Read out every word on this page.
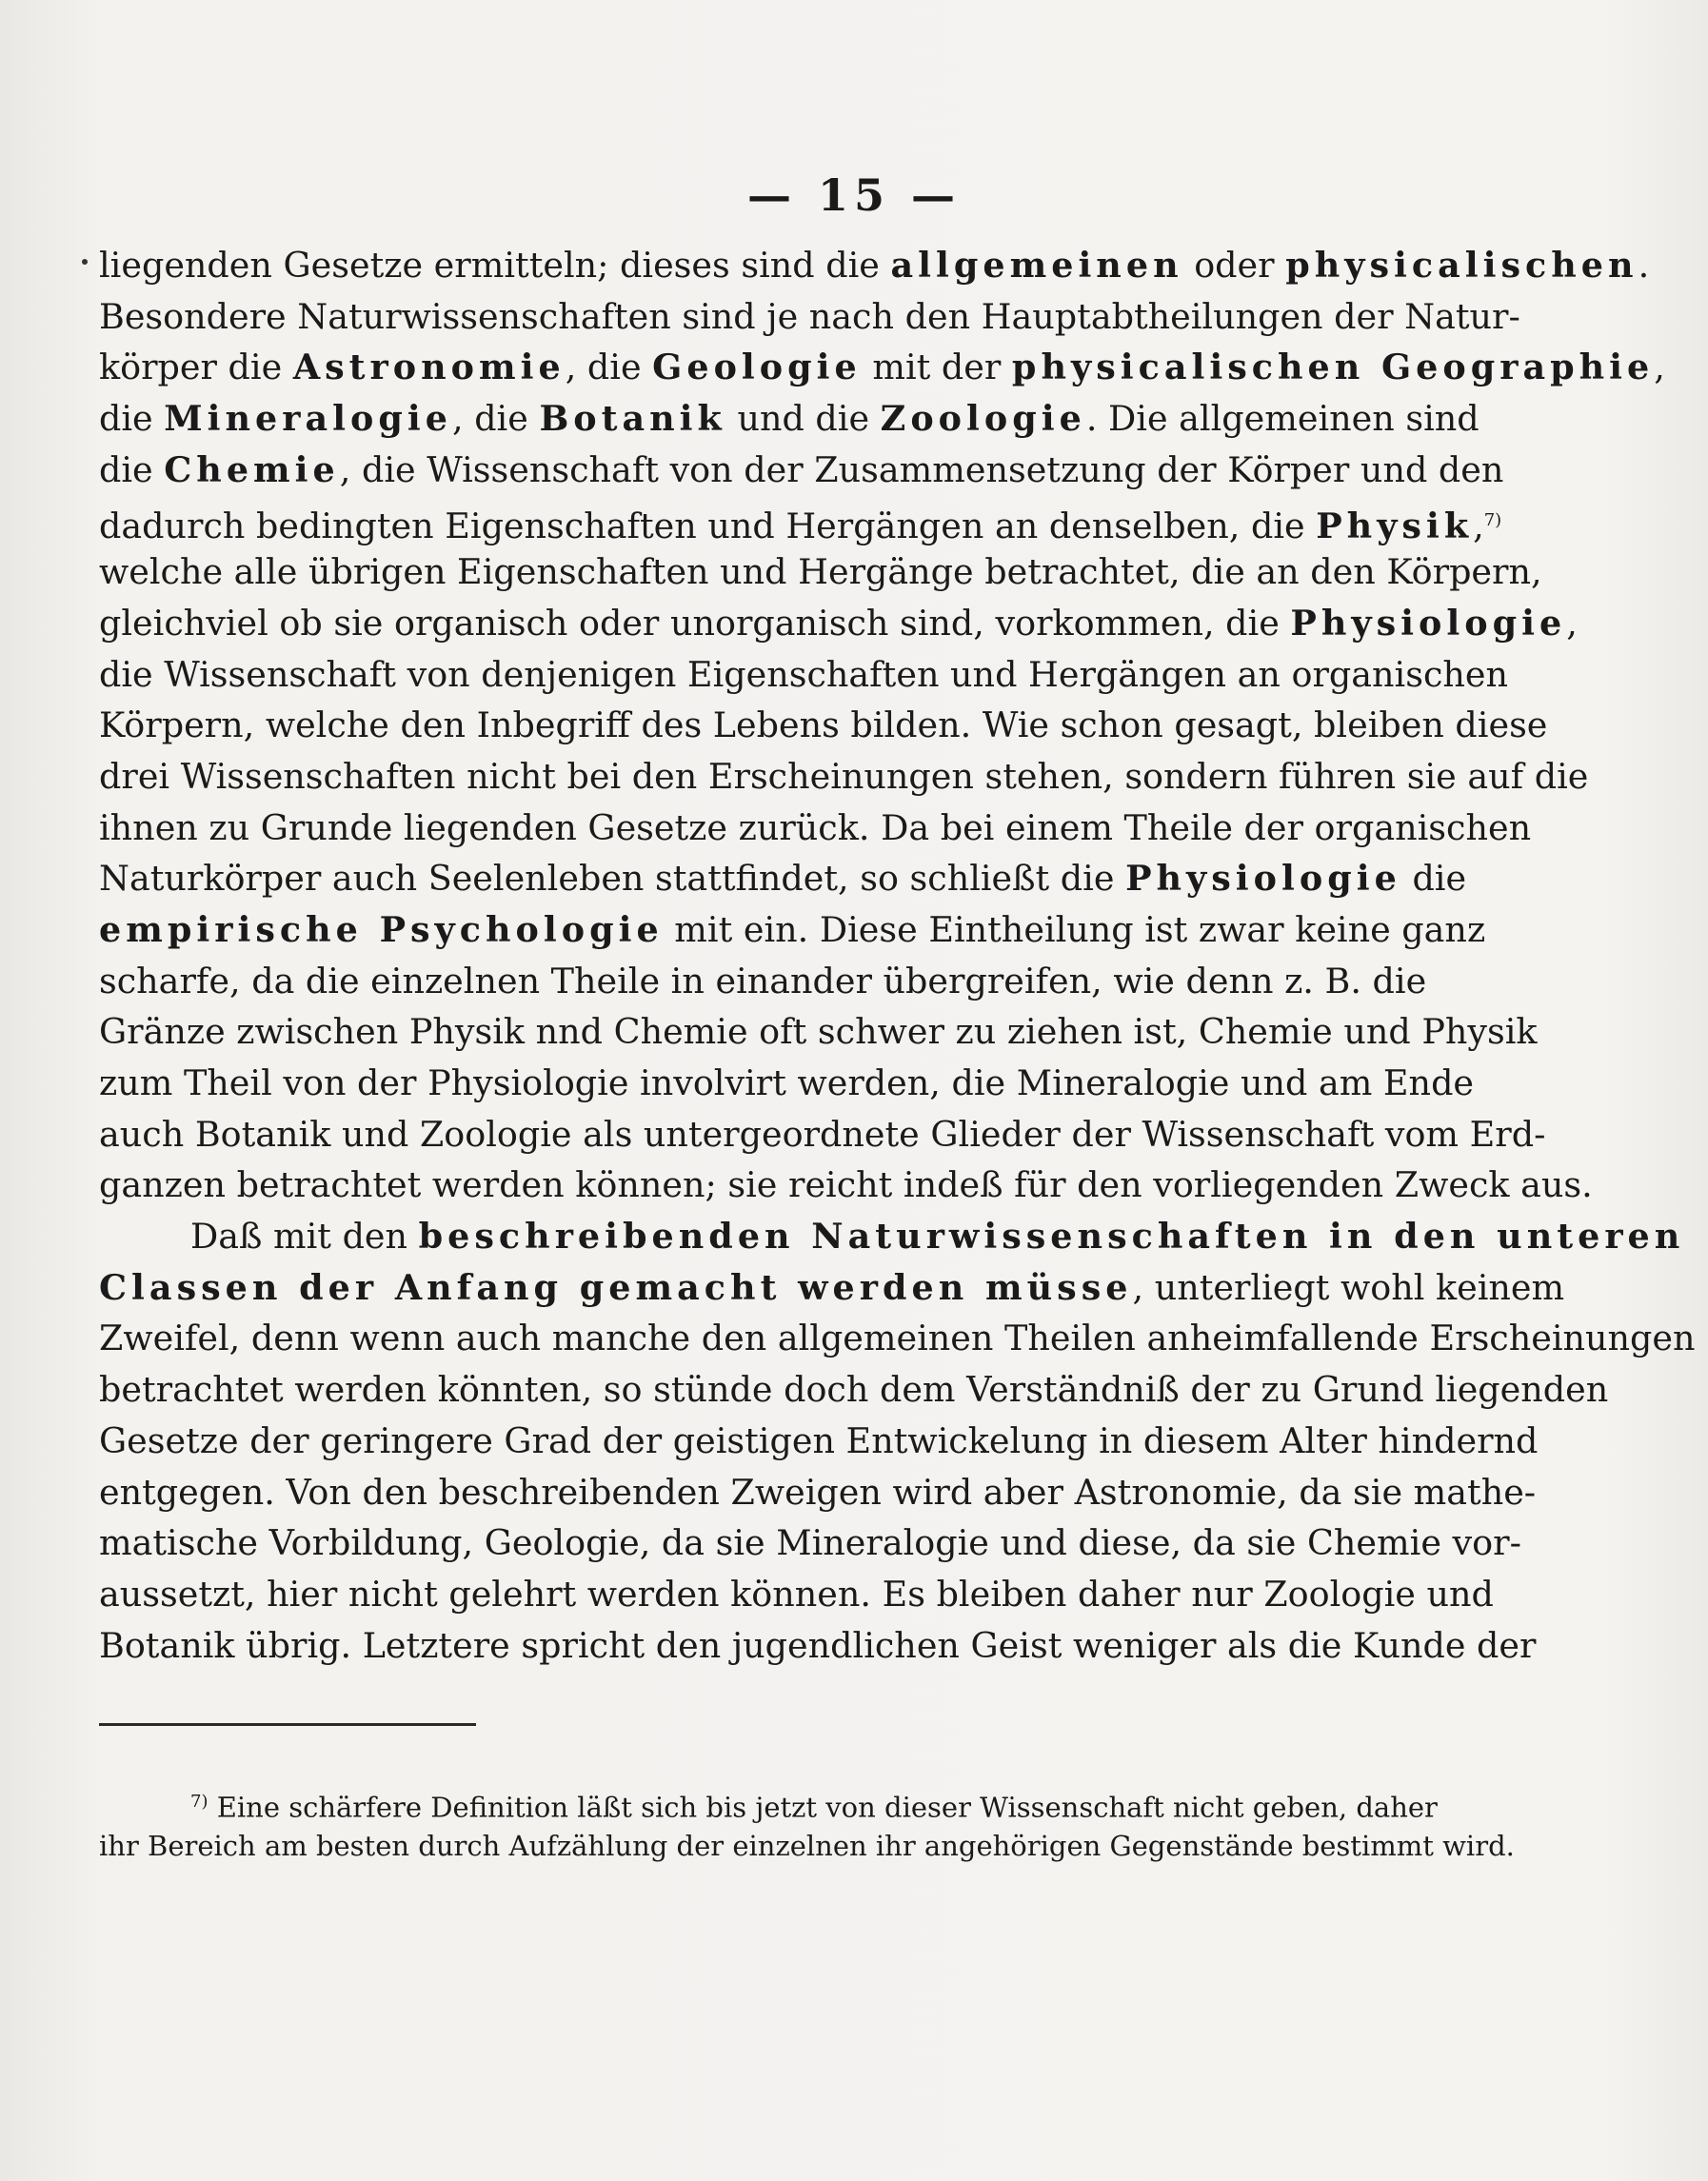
— 15 —
liegenden Gesetze ermitteln; dieses sind die allgemeinen oder physicalischen.
Besondere Naturwissenschaften sind je nach den Hauptabtheilungen der Natur-
körper die Astronomie, die Geologie mit der physicalischen Geographie,
die Mineralogie, die Botanik und die Zoologie. Die allgemeinen sind
die Chemie, die Wissenschaft von der Zusammensetzung der Körper und den
dadurch bedingten Eigenschaften und Hergängen an denselben, die Physik,$^{7)}$
welche alle übrigen Eigenschaften und Hergänge betrachtet, die an den Körpern,
gleichviel ob sie organisch oder unorganisch sind, vorkommen, die Physiologie,
die Wissenschaft von denjenigen Eigenschaften und Hergängen an organischen
Körpern, welche den Inbegriff des Lebens bilden. Wie schon gesagt, bleiben diese
drei Wissenschaften nicht bei den Erscheinungen stehen, sondern führen sie auf die
ihnen zu Grunde liegenden Gesetze zurück. Da bei einem Theile der organischen
Naturkörper auch Seelenleben stattfindet, so schließt die Physiologie die
empirische Psychologie mit ein. Diese Eintheilung ist zwar keine ganz
scharfe, da die einzelnen Theile in einander übergreifen, wie denn z. B. die
Gränze zwischen Physik nnd Chemie oft schwer zu ziehen ist, Chemie und Physik
zum Theil von der Physiologie involvirt werden, die Mineralogie und am Ende
auch Botanik und Zoologie als untergeordnete Glieder der Wissenschaft vom Erd-
ganzen betrachtet werden können; sie reicht indeß für den vorliegenden Zweck aus.
Daß mit den beschreibenden Naturwissenschaften in den unteren
Classen der Anfang gemacht werden müsse, unterliegt wohl keinem
Zweifel, denn wenn auch manche den allgemeinen Theilen anheimfallende Erscheinungen
betrachtet werden könnten, so stünde doch dem Verständniß der zu Grund liegenden
Gesetze der geringere Grad der geistigen Entwickelung in diesem Alter hindernd
entgegen. Von den beschreibenden Zweigen wird aber Astronomie, da sie mathe-
matische Vorbildung, Geologie, da sie Mineralogie und diese, da sie Chemie vor-
aussetzt, hier nicht gelehrt werden können. Es bleiben daher nur Zoologie und
Botanik übrig. Letztere spricht den jugendlichen Geist weniger als die Kunde der
$^{7)}$ Eine schärfere Definition läßt sich bis jetzt von dieser Wissenschaft nicht geben, daher
ihr Bereich am besten durch Aufzählung der einzelnen ihr angehörigen Gegenstände bestimmt wird.
